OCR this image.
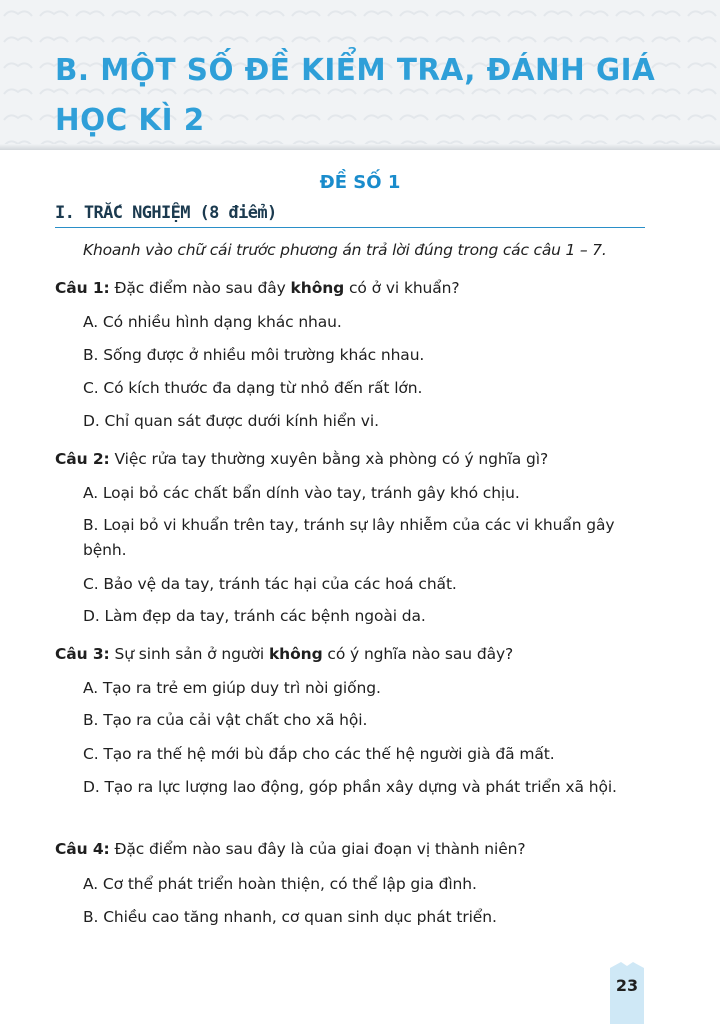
B. MỘT SỐ ĐỀ KIỂM TRA, ĐÁNH GIÁ
HỌC KÌ 2
ĐỀ SỐ 1
I. TRẮC NGHIỆM (8 điểm)
Khoanh vào chữ cái trước phương án trả lời đúng trong các câu 1 – 7.
Câu 1: Đặc điểm nào sau đây không có ở vi khuẩn?
A. Có nhiều hình dạng khác nhau.
B. Sống được ở nhiều môi trường khác nhau.
C. Có kích thước đa dạng từ nhỏ đến rất lớn.
D. Chỉ quan sát được dưới kính hiển vi.
Câu 2: Việc rửa tay thường xuyên bằng xà phòng có ý nghĩa gì?
A. Loại bỏ các chất bẩn dính vào tay, tránh gây khó chịu.
B. Loại bỏ vi khuẩn trên tay, tránh sự lây nhiễm của các vi khuẩn gây bệnh.
C. Bảo vệ da tay, tránh tác hại của các hoá chất.
D. Làm đẹp da tay, tránh các bệnh ngoài da.
Câu 3: Sự sinh sản ở người không có ý nghĩa nào sau đây?
A. Tạo ra trẻ em giúp duy trì nòi giống.
B. Tạo ra của cải vật chất cho xã hội.
C. Tạo ra thế hệ mới bù đắp cho các thế hệ người già đã mất.
D. Tạo ra lực lượng lao động, góp phần xây dựng và phát triển xã hội.
Câu 4: Đặc điểm nào sau đây là của giai đoạn vị thành niên?
A. Cơ thể phát triển hoàn thiện, có thể lập gia đình.
B. Chiều cao tăng nhanh, cơ quan sinh dục phát triển.
23
